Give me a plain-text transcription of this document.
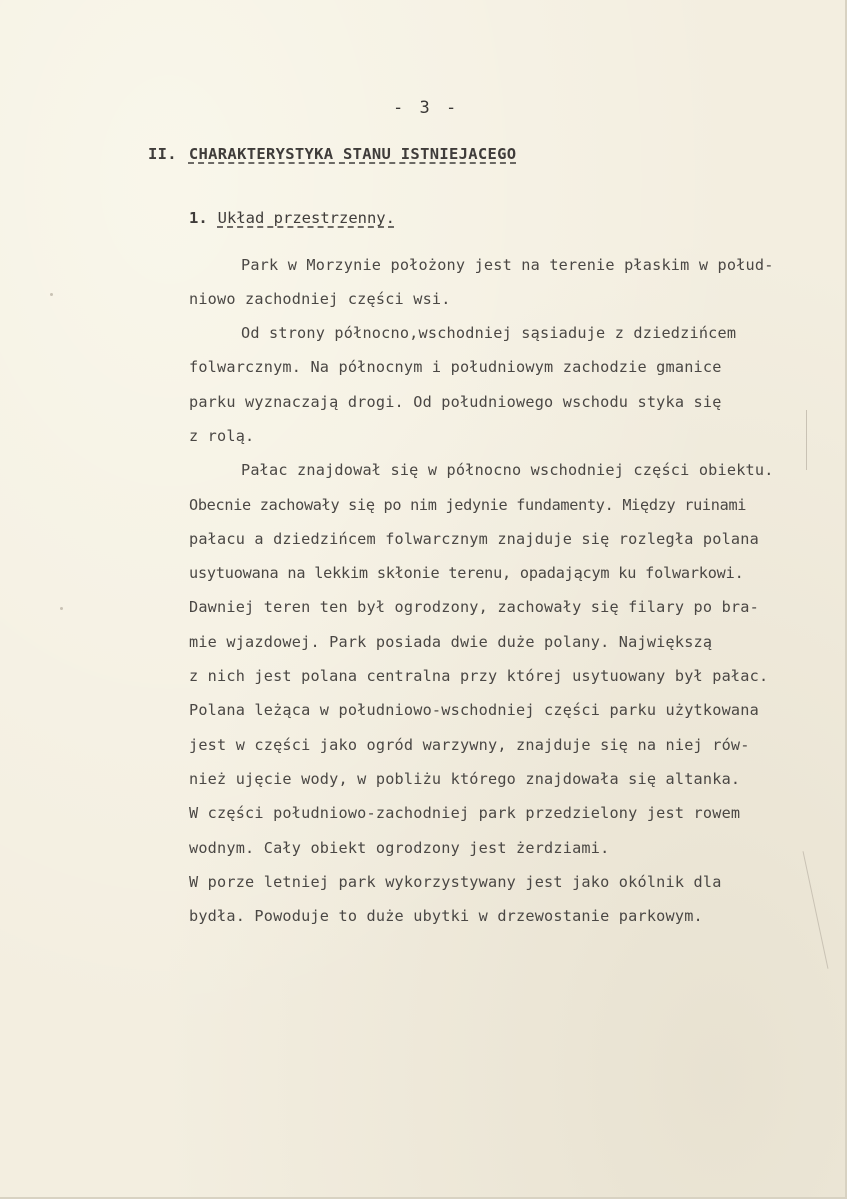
- 3 -
II. CHARAKTERYSTYKA STANU ISTNIEJACEGO
1. Układ przestrzenny.
Park w Morzynie położony jest na terenie płaskim w połud-
niowo zachodniej części wsi.
Od strony północno,wschodniej sąsiaduje z dziedzińcem
folwarcznym. Na północnym i południowym zachodzie gmanice
parku wyznaczają drogi. Od południowego wschodu styka się
z rolą.
Pałac znajdował się w północno wschodniej części obiektu.
Obecnie zachowały się po nim jedynie fundamenty. Między ruinami
pałacu a dziedzińcem folwarcznym znajduje się rozległa polana
usytuowana na lekkim skłonie terenu, opadającym ku folwarkowi.
Dawniej teren ten był ogrodzony, zachowały się filary po bra-
mie wjazdowej. Park posiada dwie duże polany. Największą
z nich jest polana centralna przy której usytuowany był pałac.
Polana leżąca w południowo-wschodniej części parku użytkowana
jest w części jako ogród warzywny, znajduje się na niej rów-
nież ujęcie wody, w pobliżu którego znajdowała się altanka.
W części południowo-zachodniej park przedzielony jest rowem
wodnym. Cały obiekt ogrodzony jest żerdziami.
W porze letniej park wykorzystywany jest jako okólnik dla
bydła. Powoduje to duże ubytki w drzewostanie parkowym.
